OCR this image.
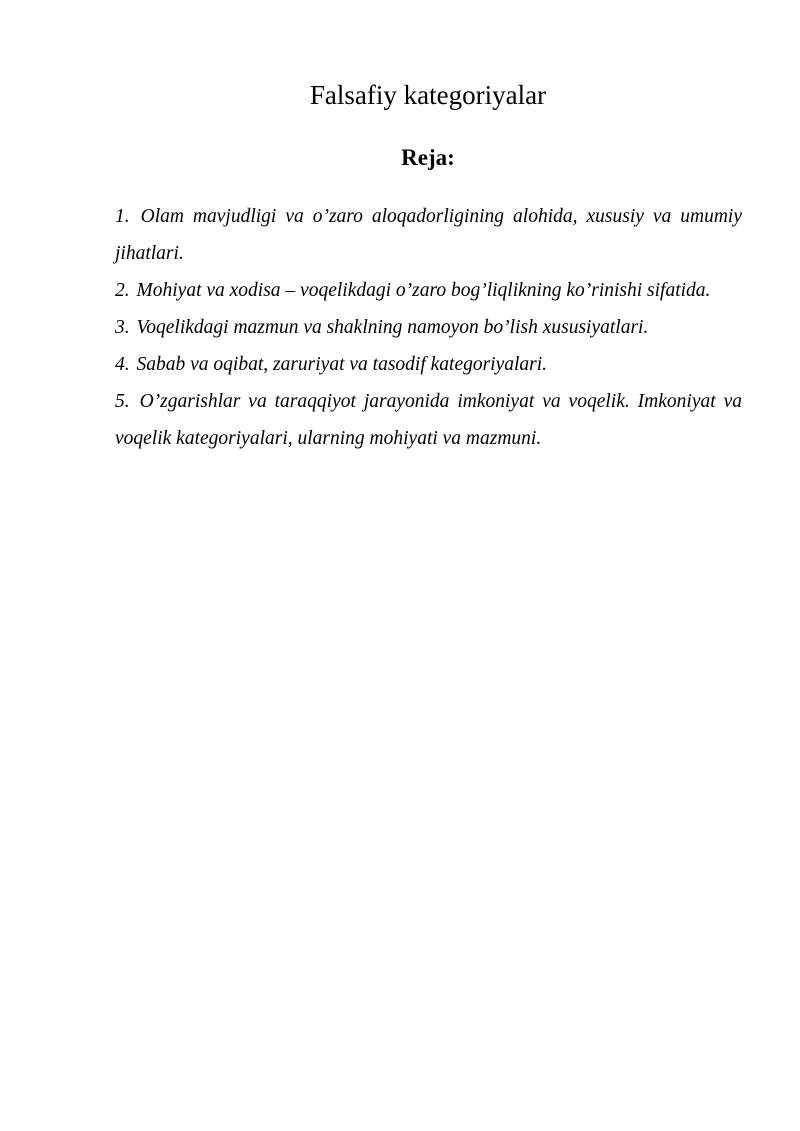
Falsafiy kategoriyalar
Reja:
1. Olam mavjudligi va o’zaro aloqadorligining alohida, xususiy va umumiy jihatlari.
2. Mohiyat va xodisa – voqelikdagi o’zaro bog’liqlikning ko’rinishi sifatida.
3. Voqelikdagi mazmun va shaklning namoyon bo’lish xususiyatlari.
4. Sabab va oqibat, zaruriyat va tasodif kategoriyalari.
5. O’zgarishlar va taraqqiyot jarayonida imkoniyat va voqelik. Imkoniyat va voqelik kategoriyalari, ularning mohiyati va mazmuni.
